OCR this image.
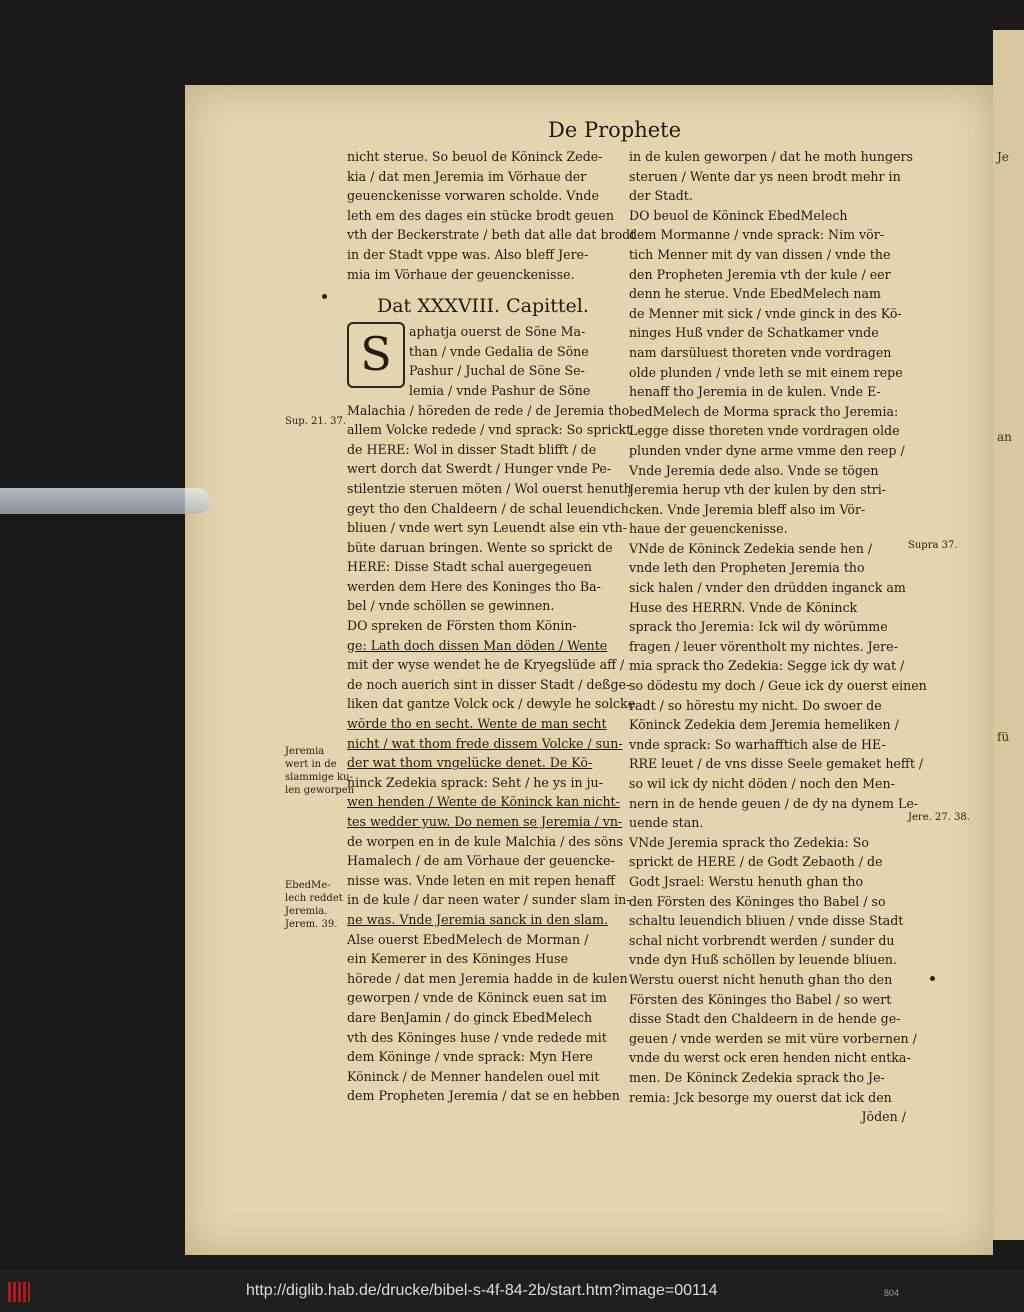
Je
an
fü
De Prophete
nicht sterue. So beuol de Köninck Zede-
kia / dat men Jeremia im Vörhaue der
geuenckenisse vorwaren scholde. Vnde
leth em des dages ein stücke brodt geuen
vth der Beckerstrate / beth dat alle dat brodt
in der Stadt vppe was. Also bleff Jere-
mia im Vörhaue der geuenckenisse.
Dat XXXVIII. Capittel.
S	aphatja ouerst de Söne Ma-
than / vnde Gedalia de Söne
Pashur / Juchal de Söne Se-
lemia / vnde Pashur de Söne
Malachia / höreden de rede / de Jeremia tho
allem Volcke redede / vnd sprack: So sprickt
de HERE: Wol in disser Stadt blifft / de
wert dorch dat Swerdt / Hunger vnde Pe-
stilentzie steruen möten / Wol ouerst henuth
geyt tho den Chaldeern / de schal leuendich
bliuen / vnde wert syn Leuendt alse ein vth-
büte daruan bringen. Wente so sprickt de
HERE: Disse Stadt schal auergegeuen
werden dem Here des Koninges tho Ba-
bel / vnde schöllen se gewinnen.
DO spreken de Försten thom Könin-
ge: Lath doch dissen Man döden / Wente
mit der wyse wendet he de Kryegslüde aff /
de noch auerich sint in disser Stadt / deßge-
liken dat gantze Volck ock / dewyle he solcke
wörde tho en secht. Wente de man secht
nicht / wat thom frede dissem Volcke / sun-
der wat thom vngelücke denet. De Kö-
ninck Zedekia sprack: Seht / he ys in ju-
wen henden / Wente de Köninck kan nicht-
tes wedder yuw. Do nemen se Jeremia / vn-
de worpen en in de kule Malchia / des söns
Hamalech / de am Vörhaue der geuencke-
nisse was. Vnde leten en mit repen henaff
in de kule / dar neen water / sunder slam in-
ne was. Vnde Jeremia sanck in den slam.
Alse ouerst EbedMelech de Morman /
ein Kemerer in des Köninges Huse
hörede / dat men Jeremia hadde in de kulen
geworpen / vnde de Köninck euen sat im
dare BenJamin / do ginck EbedMelech
vth des Köninges huse / vnde redede mit
dem Köninge / vnde sprack: Myn Here
Köninck / de Menner handelen ouel mit
dem Propheten Jeremia / dat se en hebben
in de kulen geworpen / dat he moth hungers
steruen / Wente dar ys neen brodt mehr in
der Stadt.
DO beuol de Köninck EbedMelech
dem Mormanne / vnde sprack: Nim vör-
tich Menner mit dy van dissen / vnde the
den Propheten Jeremia vth der kule / eer
denn he sterue. Vnde EbedMelech nam
de Menner mit sick / vnde ginck in des Kö-
ninges Huß vnder de Schatkamer vnde
nam darsüluest thoreten vnde vordragen
olde plunden / vnde leth se mit einem repe
henaff tho Jeremia in de kulen. Vnde E-
bedMelech de Morma sprack tho Jeremia:
Legge disse thoreten vnde vordragen olde
plunden vnder dyne arme vmme den reep /
Vnde Jeremia dede also. Vnde se tögen
Jeremia herup vth der kulen by den stri-
cken. Vnde Jeremia bleff also im Vör-
haue der geuenckenisse.
VNde de Köninck Zedekia sende hen /
vnde leth den Propheten Jeremia tho
sick halen / vnder den drüdden inganck am
Huse des HERRN. Vnde de Köninck
sprack tho Jeremia: Ick wil dy wörümme
fragen / leuer vörentholt my nichtes. Jere-
mia sprack tho Zedekia: Segge ick dy wat /
so dödestu my doch / Geue ick dy ouerst einen
radt / so hörestu my nicht. Do swoer de
Köninck Zedekia dem Jeremia hemeliken /
vnde sprack: So warhafftich alse de HE-
RRE leuet / de vns disse Seele gemaket hefft /
so wil ick dy nicht döden / noch den Men-
nern in de hende geuen / de dy na dynem Le-
uende stan.
VNde Jeremia sprack tho Zedekia: So
sprickt de HERE / de Godt Zebaoth / de
Godt Jsrael: Werstu henuth ghan tho
den Försten des Köninges tho Babel / so
schaltu leuendich bliuen / vnde disse Stadt
schal nicht vorbrendt werden / sunder du
vnde dyn Huß schöllen by leuende bliuen.
Werstu ouerst nicht henuth ghan tho den
Försten des Köninges tho Babel / so wert
disse Stadt den Chaldeern in de hende ge-
geuen / vnde werden se mit vüre vorbernen /
vnde du werst ock eren henden nicht entka-
men. De Köninck Zedekia sprack tho Je-
remia: Jck besorge my ouerst dat ick den
Jöden /
Sup. 21. 37.
Jeremia
wert in de
slammige ku-
len geworpen
EbedMe-
lech reddet
Jeremia.
Jerem. 39.
Supra 37.
Jere. 27. 38.
http://diglib.hab.de/drucke/bibel-s-4f-84-2b/start.htm?image=00114	804
